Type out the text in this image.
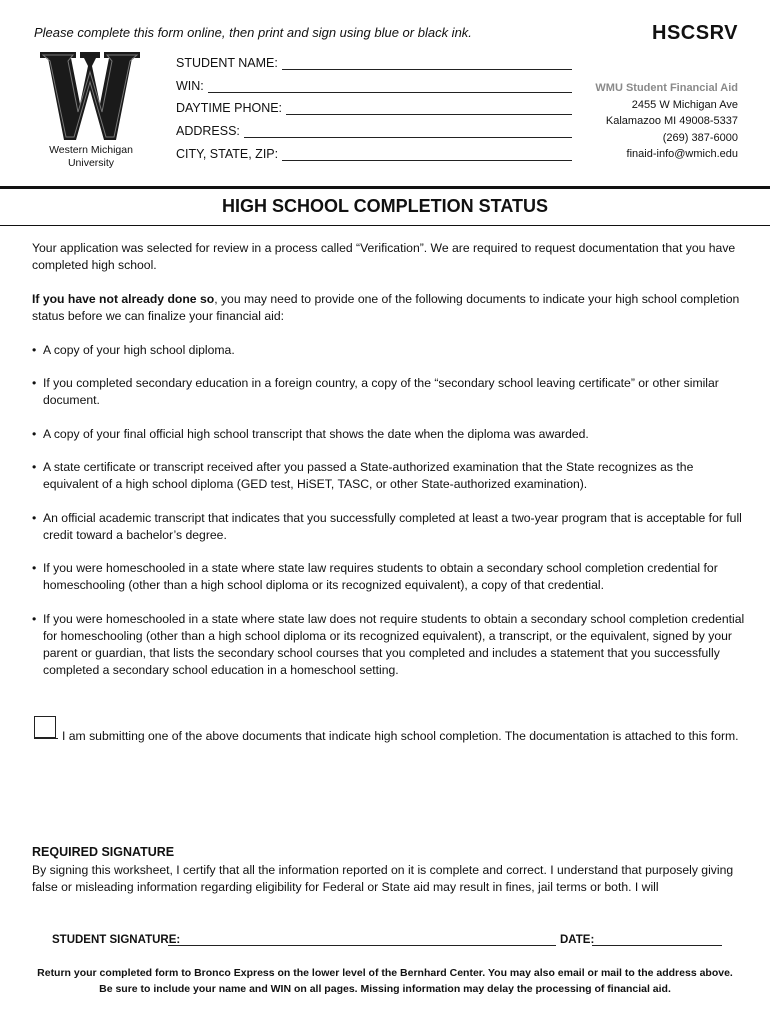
Please complete this form online, then print and sign using blue or black ink.	HSCSRV
Western Michigan
University
STUDENT NAME:
WIN:
DAYTIME PHONE:
ADDRESS:
CITY, STATE, ZIP:
WMU Student Financial Aid
2455 W Michigan Ave
Kalamazoo MI 49008-5337
(269) 387-6000
finaid-info@wmich.edu
HIGH SCHOOL COMPLETION STATUS
Your application was selected for review in a process called “Verification”. We are required to request documentation that you have completed high school.
If you have not already done so, you may need to provide one of the following documents to indicate your high school completion status before we can finalize your financial aid:
• A copy of your high school diploma.
• If you completed secondary education in a foreign country, a copy of the “secondary school leaving certificate” or other similar document.
• A copy of your final official high school transcript that shows the date when the diploma was awarded.
• A state certificate or transcript received after you passed a State-authorized examination that the State recognizes as the equivalent of a high school diploma (GED test, HiSET, TASC, or other State-authorized examination).
• An official academic transcript that indicates that you successfully completed at least a two-year program that is acceptable for full credit toward a bachelor’s degree.
• If you were homeschooled in a state where state law requires students to obtain a secondary school completion credential for homeschooling (other than a high school diploma or its recognized equivalent), a copy of that credential.
• If you were homeschooled in a state where state law does not require students to obtain a secondary school completion credential for homeschooling (other than a high school diploma or its recognized equivalent), a transcript, or the equivalent, signed by your parent or guardian, that lists the secondary school courses that you completed and includes a statement that you successfully completed a secondary school education in a homeschool setting.
I am submitting one of the above documents that indicate high school completion. The documentation is attached to this form.
REQUIRED SIGNATURE
By signing this worksheet, I certify that all the information reported on it is complete and correct. I understand that purposely giving false or misleading information regarding eligibility for Federal or State aid may result in fines, jail terms or both. I will
STUDENT SIGNATURE:	DATE:
Return your completed form to Bronco Express on the lower level of the Bernhard Center. You may also email or mail to the address above.
Be sure to include your name and WIN on all pages. Missing information may delay the processing of financial aid.
